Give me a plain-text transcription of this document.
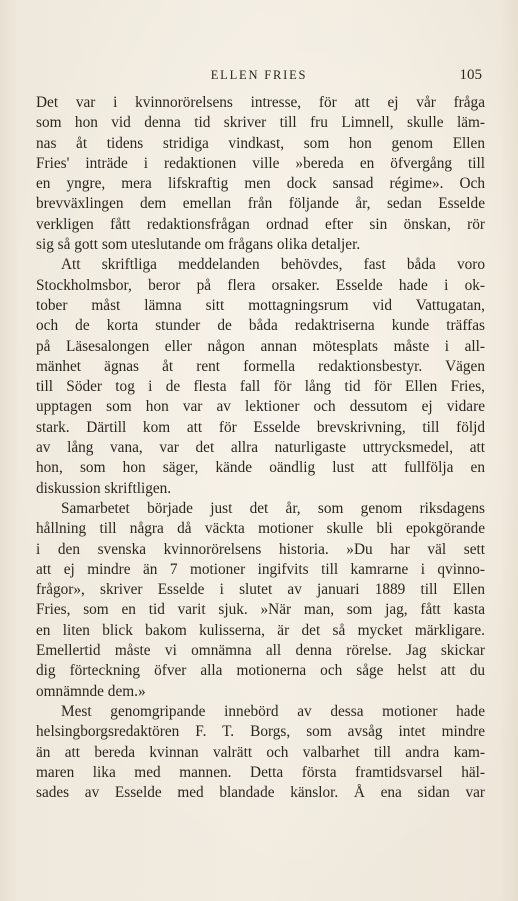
ELLEN FRIES	105
Det var i kvinnorörelsens intresse, för att ej vår fråga
som hon vid denna tid skriver till fru Limnell, skulle läm-
nas åt tidens stridiga vindkast, som hon genom Ellen
Fries' inträde i redaktionen ville »bereda en öfvergång till
en yngre, mera lifskraftig men dock sansad régime». Och
brevväxlingen dem emellan från följande år, sedan Esselde
verkligen fått redaktionsfrågan ordnad efter sin önskan, rör
sig så gott som uteslutande om frågans olika detaljer.
Att skriftliga meddelanden behövdes, fast båda voro
Stockholmsbor, beror på flera orsaker. Esselde hade i ok-
tober måst lämna sitt mottagningsrum vid Vattugatan,
och de korta stunder de båda redaktriserna kunde träffas
på Läsesalongen eller någon annan mötesplats måste i all-
mänhet ägnas åt rent formella redaktionsbestyr. Vägen
till Söder tog i de flesta fall för lång tid för Ellen Fries,
upptagen som hon var av lektioner och dessutom ej vidare
stark. Därtill kom att för Esselde brevskrivning, till följd
av lång vana, var det allra naturligaste uttrycksmedel, att
hon, som hon säger, kände oändlig lust att fullfölja en
diskussion skriftligen.
Samarbetet började just det år, som genom riksdagens
hållning till några då väckta motioner skulle bli epokgörande
i den svenska kvinnorörelsens historia. »Du har väl sett
att ej mindre än 7 motioner ingifvits till kamrarne i qvinno-
frågor», skriver Esselde i slutet av januari 1889 till Ellen
Fries, som en tid varit sjuk. »När man, som jag, fått kasta
en liten blick bakom kulisserna, är det så mycket märkligare.
Emellertid måste vi omnämna all denna rörelse. Jag skickar
dig förteckning öfver alla motionerna och såge helst att du
omnämnde dem.»
Mest genomgripande innebörd av dessa motioner hade
helsingborgsredaktören F. T. Borgs, som avsåg intet mindre
än att bereda kvinnan valrätt och valbarhet till andra kam-
maren lika med mannen. Detta första framtidsvarsel häl-
sades av Esselde med blandade känslor. Å ena sidan var
